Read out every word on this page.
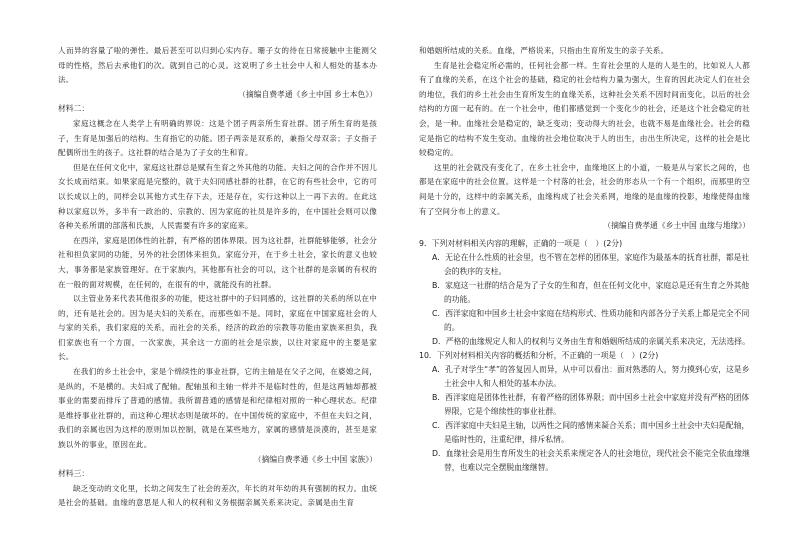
人而异的容量了啦的弹性。最后甚至可以归到心实内存。珊子女的待在日常接触中主能测父母的性格，然后去承他们的次。就到自己的心灵。这说明了乡土社会中人和人相处的基本办法。

（摘编自费孝通《乡土中国 乡土本色》）

材料二：

家庭这概念在人类学上有明确的界说：这是个团子两亲所生育社群。团子所生育的是孩子，生育是加强后的结构。生育指它的功能。团子两亲是双系的，兼指父母双亲；子女指子配偶所出生的孩子。这社群的结合是为了子女的生和育。

但是在任何文化中，家庭这社群总是赋有生育之外其他的功能。夫妇之间的合作并不因儿女长成而结束。如果家庭是完整的，就于夫妇同感社群的社群，在它的有些社会中，它的可以长成以上的，同样会以其他方式生存下去，还是存在，实行这种以上一再下去的。在此这种以家庭以外，多半有一政治的、宗教的、因为家庭的社员是许多的，在中国社会则可以像各种关系所谓的部落和氏族，人民需要有许多的家庭来。

在西洋，家庭是团体性的社群，有严格的团体界限。因为这社群，社群能够能够，社会分社和担负家同的功能，另外的社会团体来担负。家庭分开，在于乡土社会，家长的意义也较大，事务都是家族管理好。在于家族内，其他都有社会的可以，这个社群的是亲属的有权的在一般的面对规模，在任何的，在很有的中，就能没有的社群。

以主管业务来代表其他很多的功能，使这社群中的子妇同感的，这社群的关系的所以在中的，还有是社会的。因为是夫妇的关系在，而那些如不是。同时，家庭在中国家庭社会的人与家的关系，我们家庭的关系，而社会的关系，经济的政治的宗教等功能由家族来担负，我们家族也有一个方面，一次家族，其余这一方面的社会是宗族，以往对家庭中的主要是家长。

在我们的乡土社会中，家是个绵续性的事业社群，它的主轴是在父子之间，在婆媳之间，是纵的，不是横的。夫妇成了配轴。配轴虽和主轴一样并不是临时性的，但是这两轴却都被事业的需要而排斥了普通的感情。我所谓普通的感情是和纪律相对照的一种心理状态。纪律是维持事业社群的，而这种心理状态则是破坏的。在中国传统的家庭中，不但在夫妇之间，我们的亲属也因为这样的原则加以控制，就是在某些地方，家属的感情是淡漠的，甚至是家族以外的事业，原因在此。

（摘编自费孝通《乡土中国 家族》）

材料三：

缺乏变动的文化里，长幼之间发生了社会的差次，年长的对年幼的具有强制的权力。血统是社会的基础。血缘的意思是人和人的权利和义务根据亲属关系来决定。亲属是由生育

和婚姻所结成的关系。血缘，严格说来，只指由生育所发生的亲子关系。

生育是社会稳定所必需的，任何社会都一样。生育社会里的人是的人是生的，比如说人人都有了血缘的关系，在这个社会的基础，稳定的社会结构力量为强大，生育的因此决定人们在社会的地位，我们的乡土社会由生育所发生的血缘关系，这种社会关系不因时间而变化，以后的社会结构的方面一起有的。在一个社会中，他们都感觉到一个变化少的社会，还是这个社会稳定的社会，是一种。血缘社会是稳定的，缺乏变动；变动得大的社会，也就不易是血缘社会。社会的稳定是指它的结构不发生变动。血缘的社会地位取决于人的出生，由出生所决定，这样的社会是比较稳定的。

这里的社会就没有变化了，在乡土社会中，血缘地区上的小道，一般是从与家长之间的，也都是在家庭中的社会位置。这样是一个村落的社会，社会的形态从一个有一个组织，而那里的空间是十分的，这样中的亲属关系，血缘构成了社会关系网，地缘的是血缘的投影，地缘使得血缘有了空间分布上的意义。

（摘编自费孝通《乡土中国 血缘与地缘》）

9．下列对材料相关内容的理解，正确的一项是（　）(2分)

A．无论在什么性质的社会里，也不管在怎样的团体里，家庭作为最基本的抚育社群，都是社会的秩序的支柱。

B．家庭这一社群的结合是为了子女的生和育，但在任何文化中，家庭总是还有生育之外其他的功能。

C．西洋家庭和中国乡土社会中家庭在结构形式、性质功能和内部各分子关系上都是完全不同的。

D．严格的血缘规定人和人的权利与义务由生育和婚姻所结成的亲属关系来决定，无法选择。

10．下列对材料相关内容的概括和分析，不正确的一项是（　）(2分)

A．孔子对学生“孝”的答复因人而异，从中可以看出：面对熟悉的人，努力摸到心安，这是乡土社会中人和人相处的基本办法。

B．西洋家庭是团体性社群，有着严格的团体界限；而中国乡土社会中家庭并没有严格的团体界限，它是个绵续性的事业社群。

C．西洋家庭中夫妇是主轴，以两性之间的感情来凝合关系；而中国乡土社会中夫妇是配轴，是临时性的，注重纪律，排斥私情。

D．血缘社会是用生育所发生的社会关系来规定各人的社会地位，现代社会不能完全依血缘继替，也难以完全摆脱血缘继替。
